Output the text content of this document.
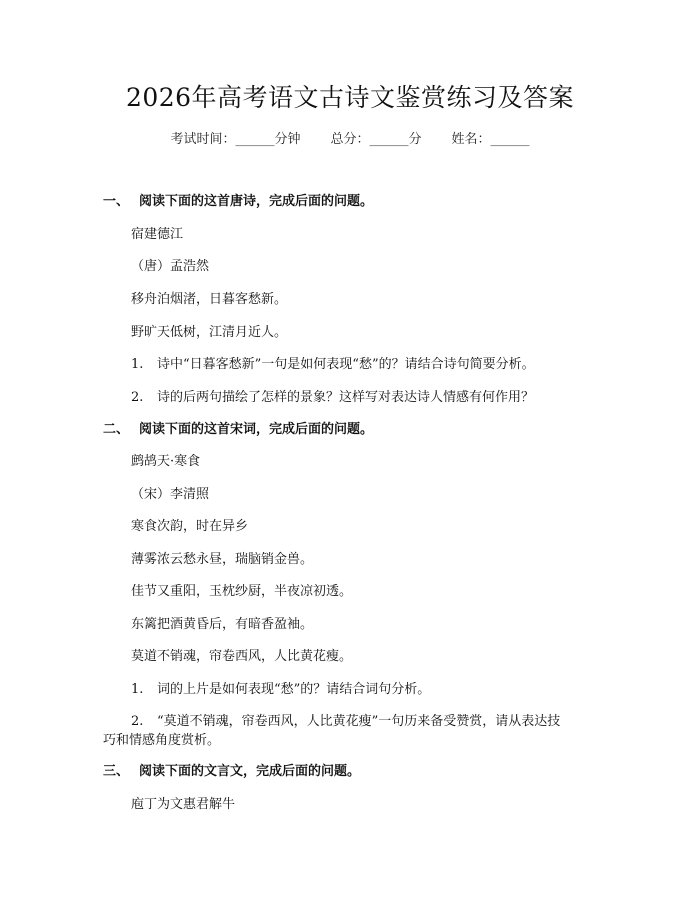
2026年高考语文古诗文鉴赏练习及答案
考试时间：______分钟 总分：______分 姓名：______
一、 阅读下面的这首唐诗，完成后面的问题。
宿建德江
（唐）孟浩然
移舟泊烟渚，日暮客愁新。
野旷天低树，江清月近人。
1. 诗中“日暮客愁新”一句是如何表现“愁”的？请结合诗句简要分析。
2. 诗的后两句描绘了怎样的景象？这样写对表达诗人情感有何作用？
二、 阅读下面的这首宋词，完成后面的问题。
鹧鸪天·寒食
（宋）李清照
寒食次韵，时在异乡
薄雾浓云愁永昼，瑞脑销金兽。
佳节又重阳，玉枕纱厨，半夜凉初透。
东篱把酒黄昏后，有暗香盈袖。
莫道不销魂，帘卷西风，人比黄花瘦。
1. 词的上片是如何表现“愁”的？请结合词句分析。
2. “莫道不销魂，帘卷西风，人比黄花瘦”一句历来备受赞赏，请从表达技
巧和情感角度赏析。
三、 阅读下面的文言文，完成后面的问题。
庖丁为文惠君解牛
